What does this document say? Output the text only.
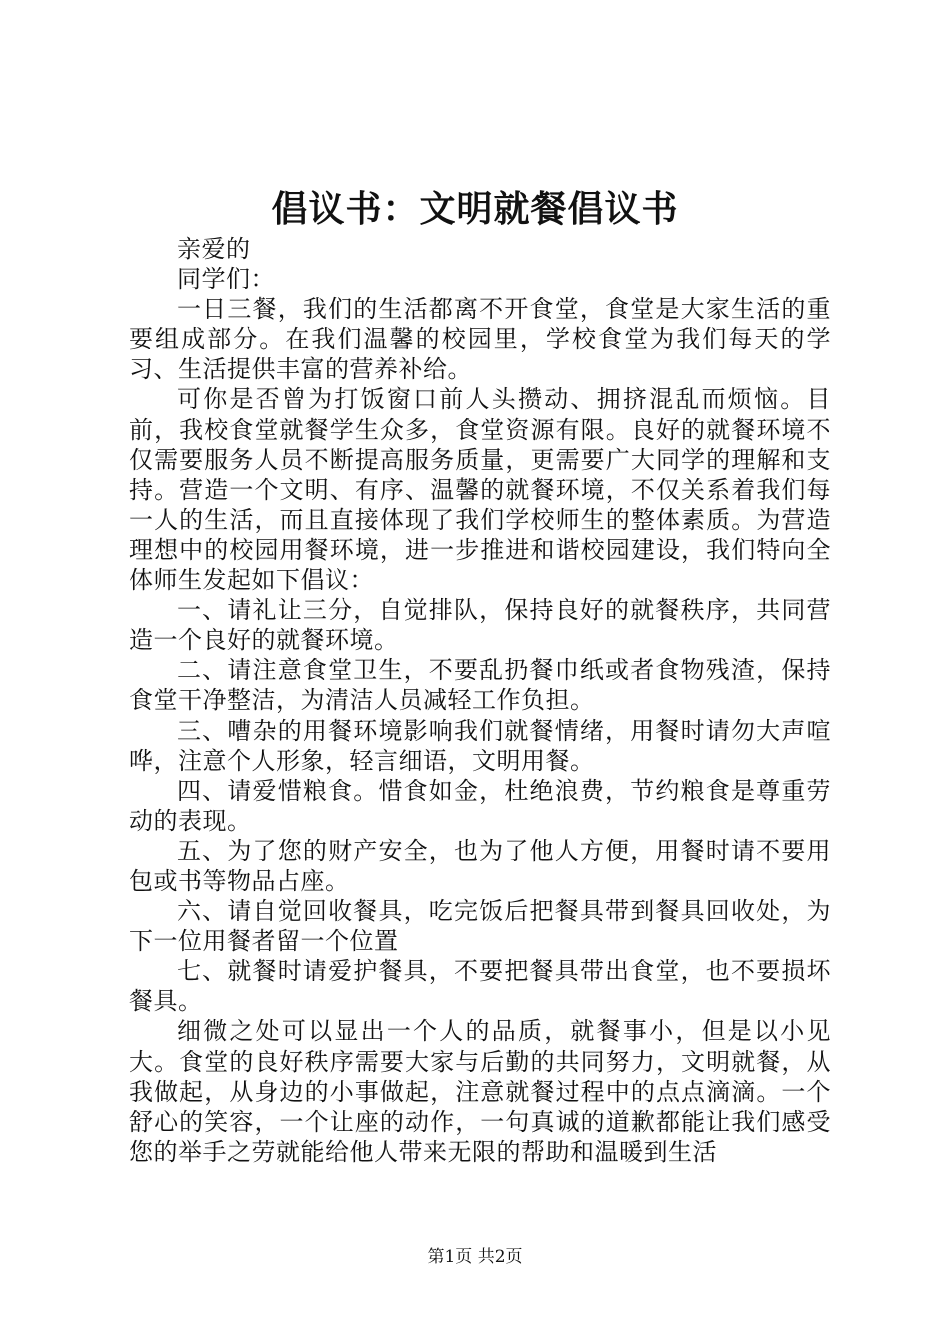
倡议书：文明就餐倡议书

亲爱的

同学们：

一日三餐，我们的生活都离不开食堂，食堂是大家生活的重要组成部分。在我们温馨的校园里，学校食堂为我们每天的学习、生活提供丰富的营养补给。

可你是否曾为打饭窗口前人头攒动、拥挤混乱而烦恼。目前，我校食堂就餐学生众多，食堂资源有限。良好的就餐环境不仅需要服务人员不断提高服务质量，更需要广大同学的理解和支持。营造一个文明、有序、温馨的就餐环境，不仅关系着我们每一人的生活，而且直接体现了我们学校师生的整体素质。为营造理想中的校园用餐环境，进一步推进和谐校园建设，我们特向全体师生发起如下倡议：

一、请礼让三分，自觉排队，保持良好的就餐秩序，共同营造一个良好的就餐环境。

二、请注意食堂卫生，不要乱扔餐巾纸或者食物残渣，保持食堂干净整洁，为清洁人员减轻工作负担。

三、嘈杂的用餐环境影响我们就餐情绪，用餐时请勿大声喧哗，注意个人形象，轻言细语，文明用餐。

四、请爱惜粮食。惜食如金，杜绝浪费，节约粮食是尊重劳动的表现。

五、为了您的财产安全，也为了他人方便，用餐时请不要用包或书等物品占座。

六、请自觉回收餐具，吃完饭后把餐具带到餐具回收处，为下一位用餐者留一个位置

七、就餐时请爱护餐具，不要把餐具带出食堂，也不要损坏餐具。

细微之处可以显出一个人的品质，就餐事小，但是以小见大。食堂的良好秩序需要大家与后勤的共同努力，文明就餐，从我做起，从身边的小事做起，注意就餐过程中的点点滴滴。一个舒心的笑容，一个让座的动作，一句真诚的道歉都能让我们感受您的举手之劳就能给他人带来无限的帮助和温暖到生活

第1页 共2页
